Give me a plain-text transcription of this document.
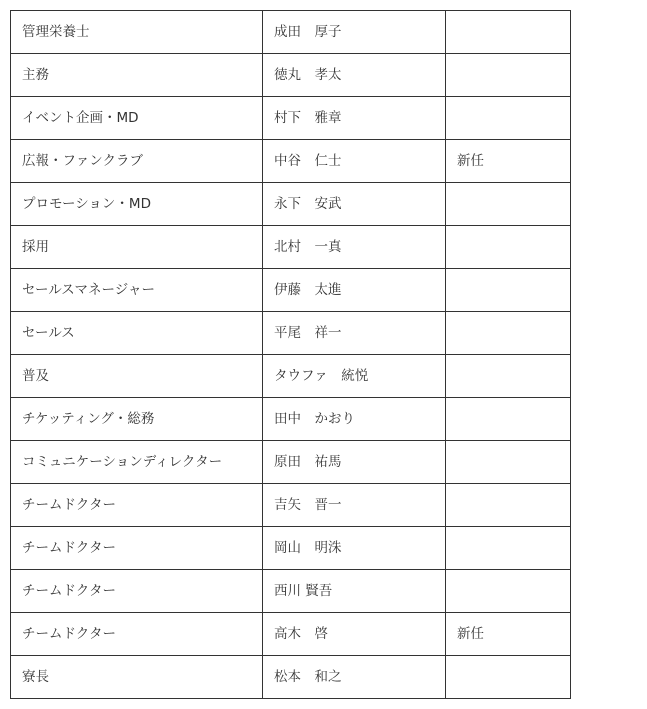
管理栄養士	成田　厚子	
主務	徳丸　孝太	
イベント企画・MD	村下　雅章	
広報・ファンクラブ	中谷　仁士	新任
プロモーション・MD	永下　安武	
採用	北村　一真	
セールスマネージャー	伊藤　太進	
セールス	平尾　祥一	
普及	タウファ　統悦	
チケッティング・総務	田中　かおり	
コミュニケーションディレクター	原田　祐馬	
チームドクター	吉矢　晋一	
チームドクター	岡山　明洙	
チームドクター	西川 賢吾	
チームドクター	高木　啓	新任
寮長	松本　和之	
